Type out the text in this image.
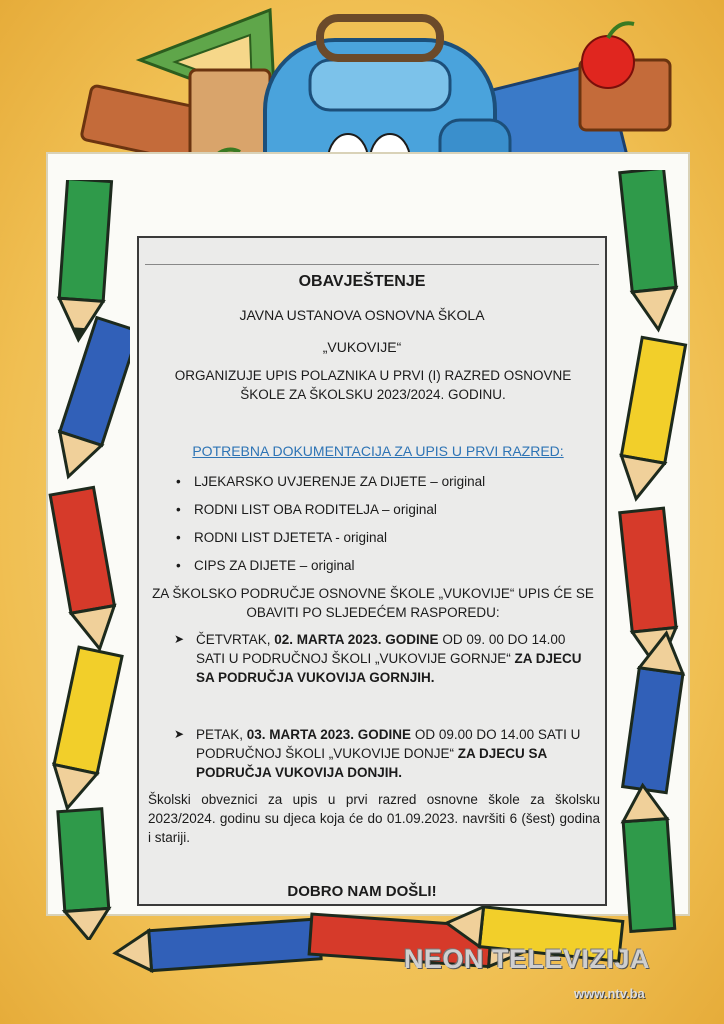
OBAVJEŠTENJE
JAVNA USTANOVA OSNOVNA ŠKOLA
„VUKOVIJE“
ORGANIZUJE UPIS POLAZNIKA U PRVI (I) RAZRED OSNOVNE ŠKOLE ZA ŠKOLSKU 2023/2024. GODINU.
POTREBNA DOKUMENTACIJA ZA UPIS U PRVI RAZRED:
• LJEKARSKO UVJERENJE ZA DIJETE – original
• RODNI LIST OBA RODITELJA – original
• RODNI LIST DJETETA - original
• CIPS ZA DIJETE – original
ZA ŠKOLSKO PODRUČJE OSNOVNE ŠKOLE „VUKOVIJE“ UPIS ĆE SE OBAVITI PO SLJEDEĆEM RASPOREDU:
➤ ČETVRTAK, 02. MARTA 2023. GODINE OD 09. 00 DO 14.00 SATI U PODRUČNOJ ŠKOLI „VUKOVIJE GORNJE“ ZA DJECU SA PODRUČJA VUKOVIJA GORNJIH.
➤ PETAK, 03. MARTA 2023. GODINE OD 09.00 DO 14.00 SATI U PODRUČNOJ ŠKOLI „VUKOVIJE DONJE“ ZA DJECU SA PODRUČJA VUKOVIJA DONJIH.
Školski obveznici za upis u prvi razred osnovne škole za školsku 2023/2024. godinu su djeca koja će do 01.09.2023. navršiti 6 (šest) godina i stariji.
DOBRO NAM DOŠLI!
NEON TELEVIZIJA
www.ntv.ba
